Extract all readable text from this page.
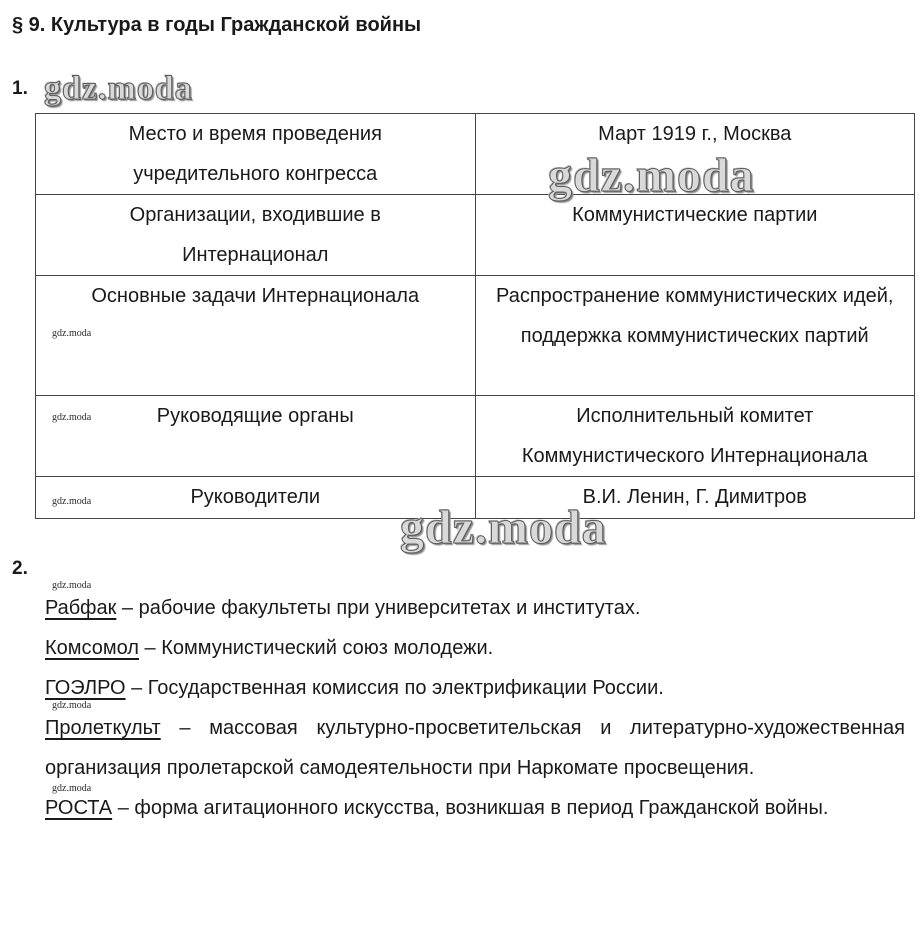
§ 9. Культура в годы Гражданской войны
1.
Место и время проведения учредительного конгресса	Март 1919 г., Москва
Организации, входившие в Интернационал	Коммунистические партии
Основные задачи Интернационала	Распространение коммунистических идей, поддержка коммунистических партий
Руководящие органы	Исполнительный комитет Коммунистического Интернационала
Руководители	В.И. Ленин, Г. Димитров
2.

Рабфак – рабочие факультеты при университетах и институтах.

Комсомол – Коммунистический союз молодежи.

ГОЭЛРО – Государственная комиссия по электрификации России.

Пролеткульт – массовая культурно-просветительская и литературно-художественная организация пролетарской самодеятельности при Наркомате просвещения.

РОСТА – форма агитационного искусства, возникшая в период Гражданской войны.

gdz.moda
gdz.moda
gdz.moda
gdz.moda
gdz.moda
gdz.moda
gdz.moda
gdz.moda
gdz.moda
